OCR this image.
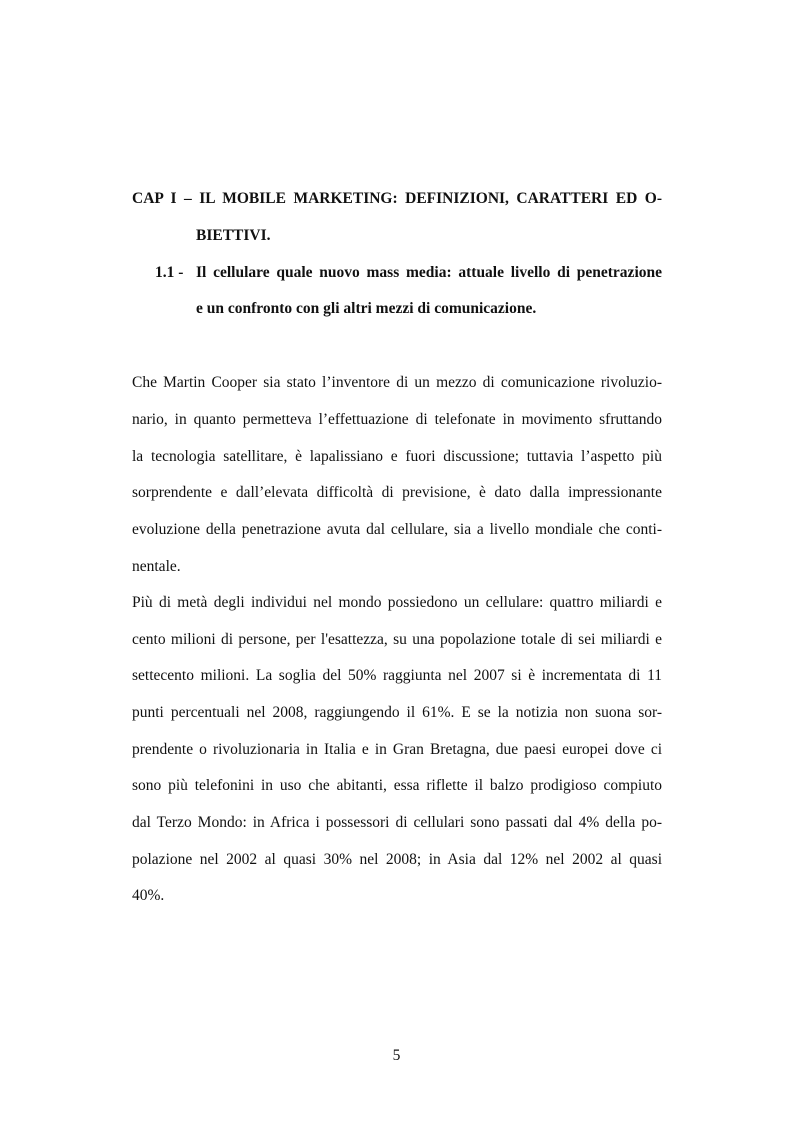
CAP I – IL MOBILE MARKETING: DEFINIZIONI, CARATTERI ED O-
BIETTIVI.
1.1 - Il cellulare quale nuovo mass media: attuale livello di penetrazione
e un confronto con gli altri mezzi di comunicazione.
Che Martin Cooper sia stato l’inventore di un mezzo di comunicazione rivoluzio-
nario, in quanto permetteva l’effettuazione di telefonate in movimento sfruttando
la tecnologia satellitare, è lapalissiano e fuori discussione; tuttavia l’aspetto più
sorprendente e dall’elevata difficoltà di previsione, è dato dalla impressionante
evoluzione della penetrazione avuta dal cellulare, sia a livello mondiale che conti-
nentale.
Più di metà degli individui nel mondo possiedono un cellulare: quattro miliardi e
cento milioni di persone, per l'esattezza, su una popolazione totale di sei miliardi e
settecento milioni. La soglia del 50% raggiunta nel 2007 si è incrementata di 11
punti percentuali nel 2008, raggiungendo il 61%. E se la notizia non suona sor-
prendente o rivoluzionaria in Italia e in Gran Bretagna, due paesi europei dove ci
sono più telefonini in uso che abitanti, essa riflette il balzo prodigioso compiuto
dal Terzo Mondo: in Africa i possessori di cellulari sono passati dal 4% della po-
polazione nel 2002 al quasi 30% nel 2008; in Asia dal 12% nel 2002 al quasi
40%.
5
